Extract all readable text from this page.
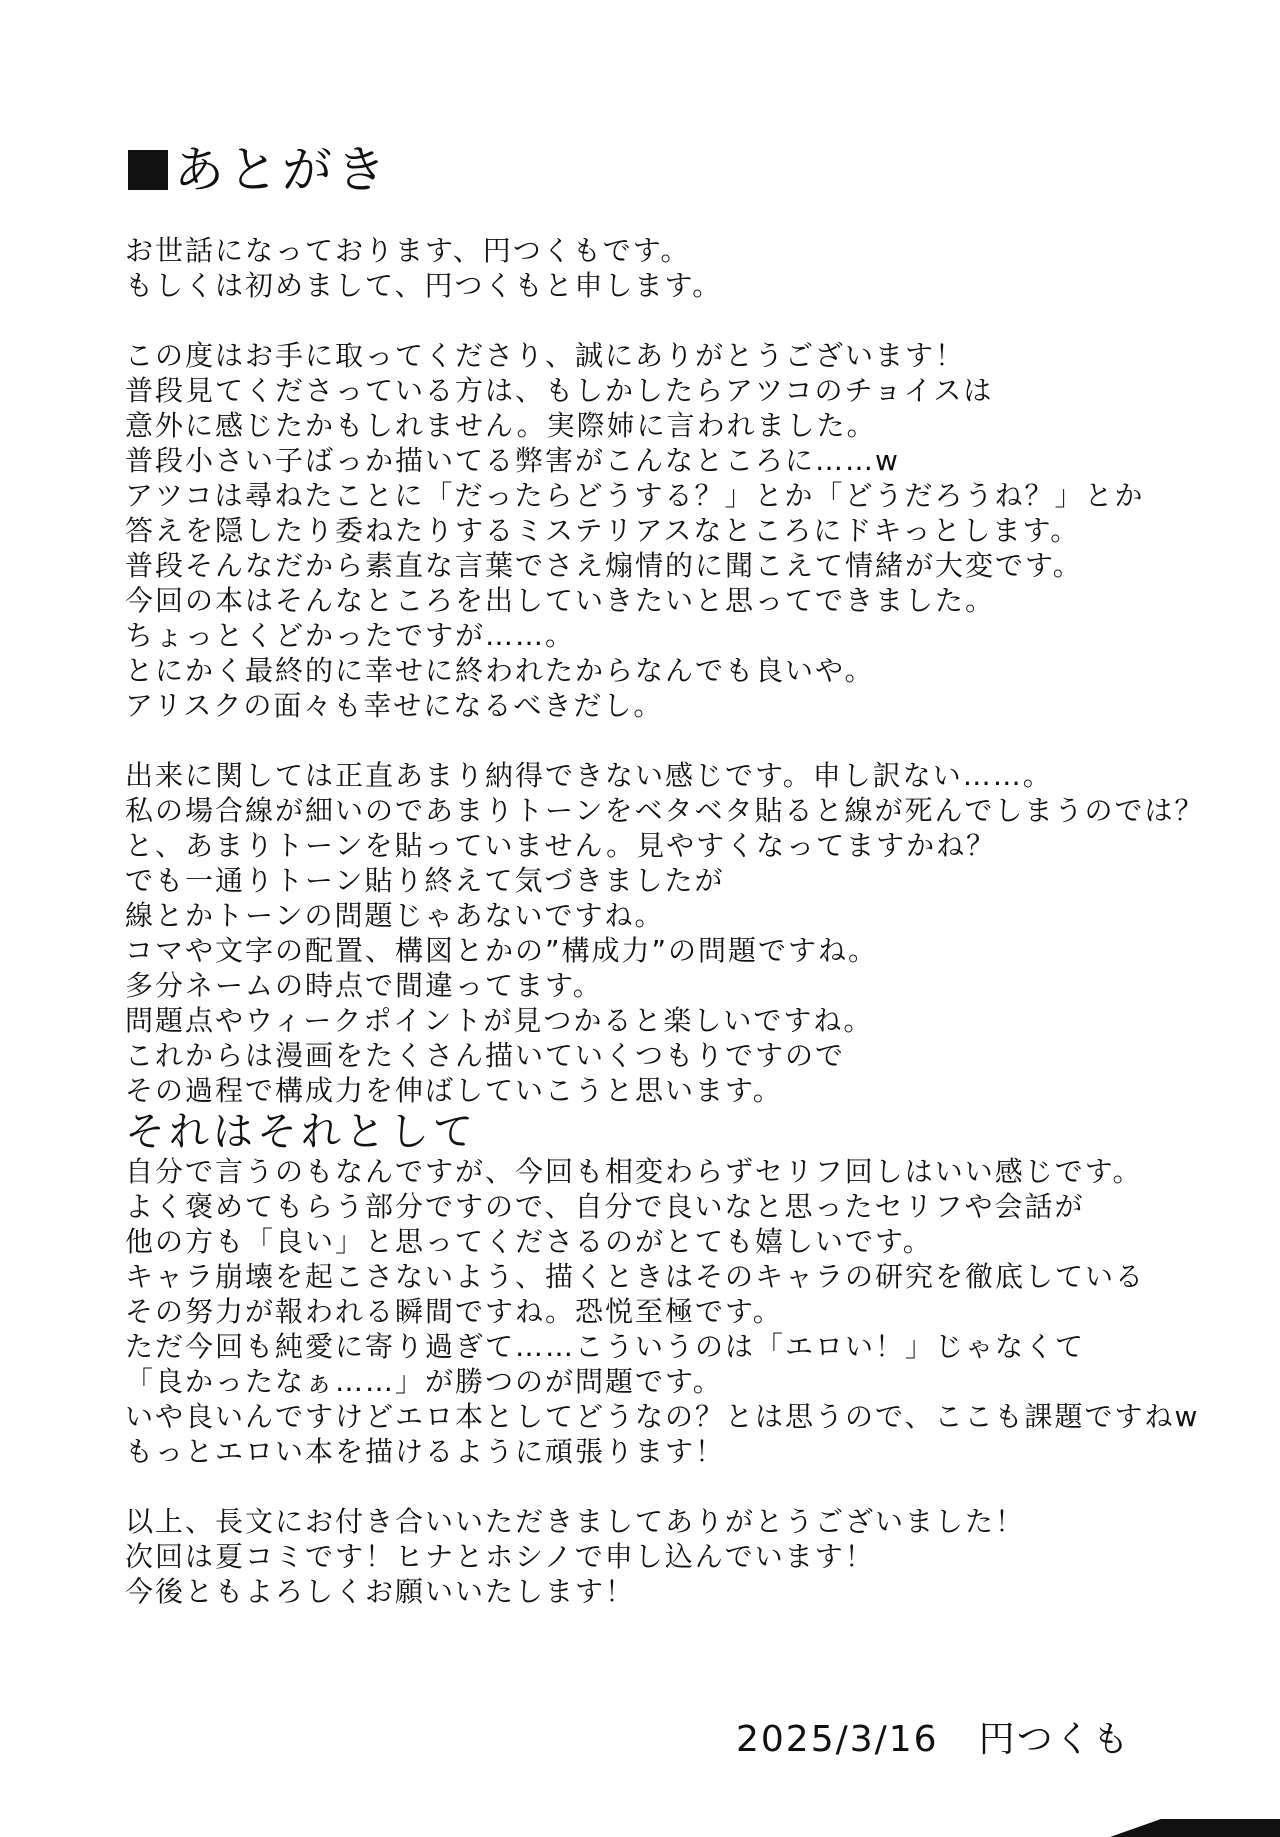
あとがき
お世話になっております、円つくもです。
もしくは初めまして、円つくもと申します。
この度はお手に取ってくださり、誠にありがとうございます！
普段見てくださっている方は、もしかしたらアツコのチョイスは
意外に感じたかもしれません。実際姉に言われました。
普段小さい子ばっか描いてる弊害がこんなところに……w
アツコは尋ねたことに「だったらどうする？」とか「どうだろうね？」とか
答えを隠したり委ねたりするミステリアスなところにドキっとします。
普段そんなだから素直な言葉でさえ煽情的に聞こえて情緒が大変です。
今回の本はそんなところを出していきたいと思ってできました。
ちょっとくどかったですが……。
とにかく最終的に幸せに終われたからなんでも良いや。
アリスクの面々も幸せになるべきだし。
出来に関しては正直あまり納得できない感じです。申し訳ない……。
私の場合線が細いのであまりトーンをベタベタ貼ると線が死んでしまうのでは？
と、あまりトーンを貼っていません。見やすくなってますかね？
でも一通りトーン貼り終えて気づきましたが
線とかトーンの問題じゃあないですね。
コマや文字の配置、構図とかの”構成力”の問題ですね。
多分ネームの時点で間違ってます。
問題点やウィークポイントが見つかると楽しいですね。
これからは漫画をたくさん描いていくつもりですので
その過程で構成力を伸ばしていこうと思います。
それはそれとして
自分で言うのもなんですが、今回も相変わらずセリフ回しはいい感じです。
よく褒めてもらう部分ですので、自分で良いなと思ったセリフや会話が
他の方も「良い」と思ってくださるのがとても嬉しいです。
キャラ崩壊を起こさないよう、描くときはそのキャラの研究を徹底している
その努力が報われる瞬間ですね。恐悦至極です。
ただ今回も純愛に寄り過ぎて……こういうのは「エロい！」じゃなくて
「良かったなぁ……」が勝つのが問題です。
いや良いんですけどエロ本としてどうなの？とは思うので、ここも課題ですねw
もっとエロい本を描けるように頑張ります！
以上、長文にお付き合いいただきましてありがとうございました！
次回は夏コミです！ヒナとホシノで申し込んでいます！
今後ともよろしくお願いいたします！
2025/3/16 円つくも
